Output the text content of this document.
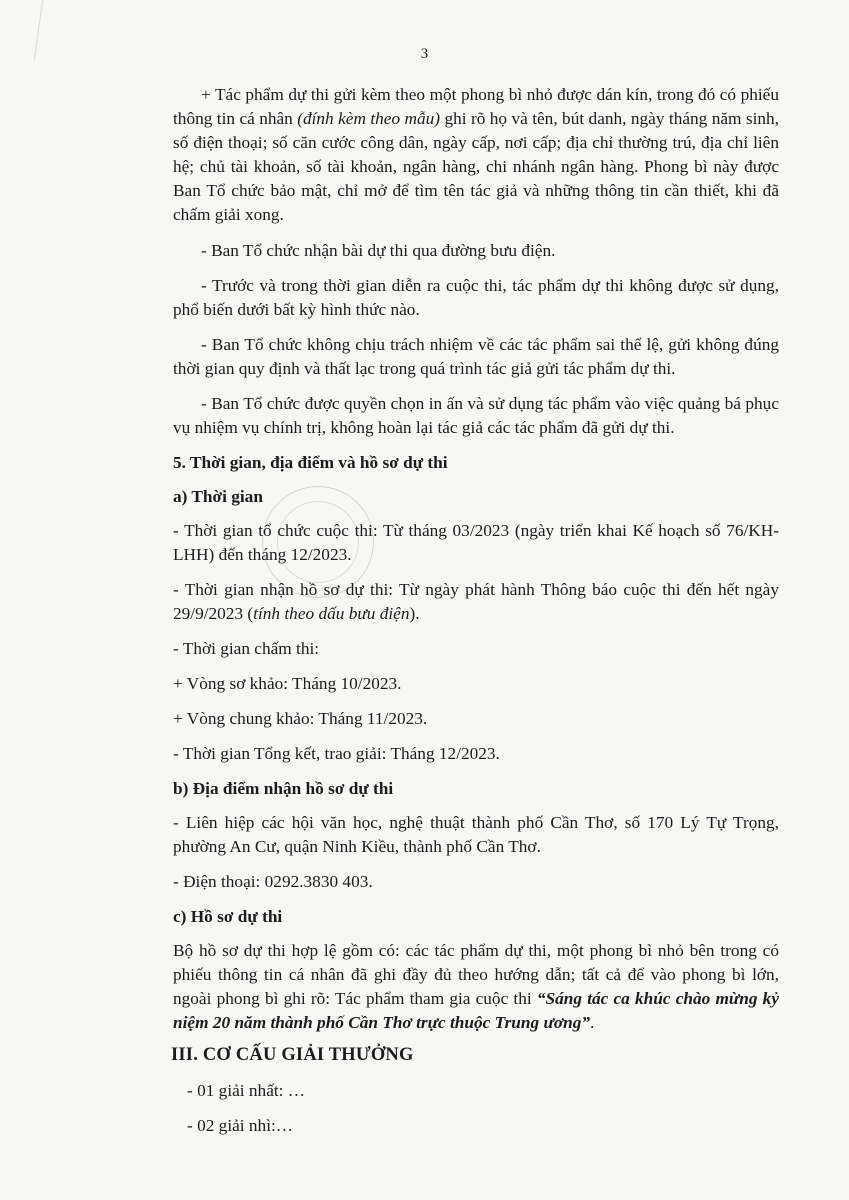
3

+ Tác phẩm dự thi gửi kèm theo một phong bì nhỏ được dán kín, trong đó có phiếu thông tin cá nhân (đính kèm theo mẫu) ghi rõ họ và tên, bút danh, ngày tháng năm sinh, số điện thoại; số căn cước công dân, ngày cấp, nơi cấp; địa chỉ thường trú, địa chỉ liên hệ; chủ tài khoản, số tài khoản, ngân hàng, chi nhánh ngân hàng. Phong bì này được Ban Tổ chức bảo mật, chỉ mở để tìm tên tác giả và những thông tin cần thiết, khi đã chấm giải xong.

- Ban Tổ chức nhận bài dự thi qua đường bưu điện.

- Trước và trong thời gian diễn ra cuộc thi, tác phẩm dự thi không được sử dụng, phổ biến dưới bất kỳ hình thức nào.

- Ban Tổ chức không chịu trách nhiệm về các tác phẩm sai thể lệ, gửi không đúng thời gian quy định và thất lạc trong quá trình tác giả gửi tác phẩm dự thi.

- Ban Tổ chức được quyền chọn in ấn và sử dụng tác phẩm vào việc quảng bá phục vụ nhiệm vụ chính trị, không hoàn lại tác giả các tác phẩm đã gửi dự thi.

5. Thời gian, địa điểm và hồ sơ dự thi

a) Thời gian

- Thời gian tổ chức cuộc thi: Từ tháng 03/2023 (ngày triển khai Kế hoạch số 76/KH-LHH) đến tháng 12/2023.

- Thời gian nhận hồ sơ dự thi: Từ ngày phát hành Thông báo cuộc thi đến hết ngày 29/9/2023 (tính theo dấu bưu điện).

- Thời gian chấm thi:

+ Vòng sơ khảo: Tháng 10/2023.

+ Vòng chung khảo: Tháng 11/2023.

- Thời gian Tổng kết, trao giải: Tháng 12/2023.

b) Địa điểm nhận hồ sơ dự thi

- Liên hiệp các hội văn học, nghệ thuật thành phố Cần Thơ, số 170 Lý Tự Trọng, phường An Cư, quận Ninh Kiều, thành phố Cần Thơ.

- Điện thoại: 0292.3830 403.

c) Hồ sơ dự thi

Bộ hồ sơ dự thi hợp lệ gồm có: các tác phẩm dự thi, một phong bì nhỏ bên trong có phiếu thông tin cá nhân đã ghi đầy đủ theo hướng dẫn; tất cả để vào phong bì lớn, ngoài phong bì ghi rõ: Tác phẩm tham gia cuộc thi “Sáng tác ca khúc chào mừng kỷ niệm 20 năm thành phố Cần Thơ trực thuộc Trung ương”.

III. CƠ CẤU GIẢI THƯỞNG

- 01 giải nhất: …

- 02 giải nhì:…
